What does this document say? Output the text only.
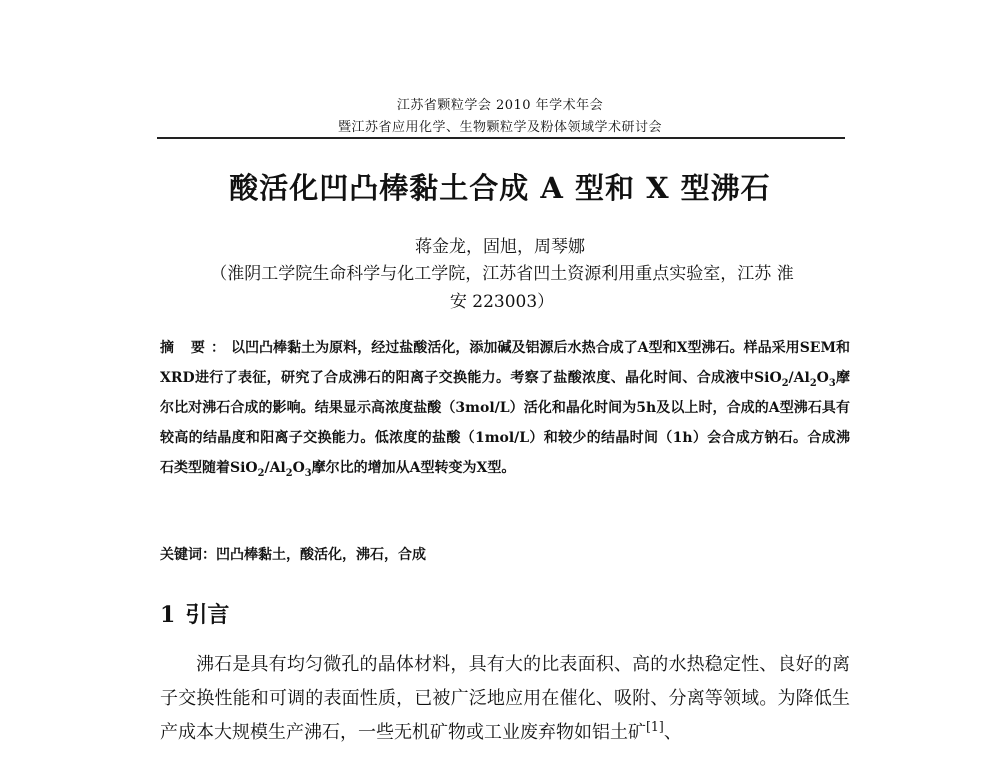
江苏省颗粒学会 2010 年学术年会
暨江苏省应用化学、生物颗粒学及粉体领域学术研讨会
酸活化凹凸棒黏土合成 A 型和 X 型沸石
蒋金龙，固旭，周琴娜
（淮阴工学院生命科学与化工学院，江苏省凹土资源利用重点实验室，江苏 淮
安 223003）
摘 要：以凹凸棒黏土为原料，经过盐酸活化，添加碱及铝源后水热合成了A型和X型沸石。样品采用SEM和XRD进行了表征，研究了合成沸石的阳离子交换能力。考察了盐酸浓度、晶化时间、合成液中$SiO_2/Al_2O_3$摩尔比对沸石合成的影响。结果显示高浓度盐酸（3mol/L）活化和晶化时间为5h及以上时，合成的A型沸石具有较高的结晶度和阳离子交换能力。低浓度的盐酸（1mol/L）和较少的结晶时间（1h）会合成方钠石。合成沸石类型随着$SiO_2/Al_2O_3$摩尔比的增加从A型转变为X型。
关键词：凹凸棒黏土，酸活化，沸石，合成
1 引言
沸石是具有均匀微孔的晶体材料，具有大的比表面积、高的水热稳定性、良好的离子交换性能和可调的表面性质，已被广泛地应用在催化、吸附、分离等领域。为降低生产成本大规模生产沸石，一些无机矿物或工业废弃物如铝土矿[1]、
